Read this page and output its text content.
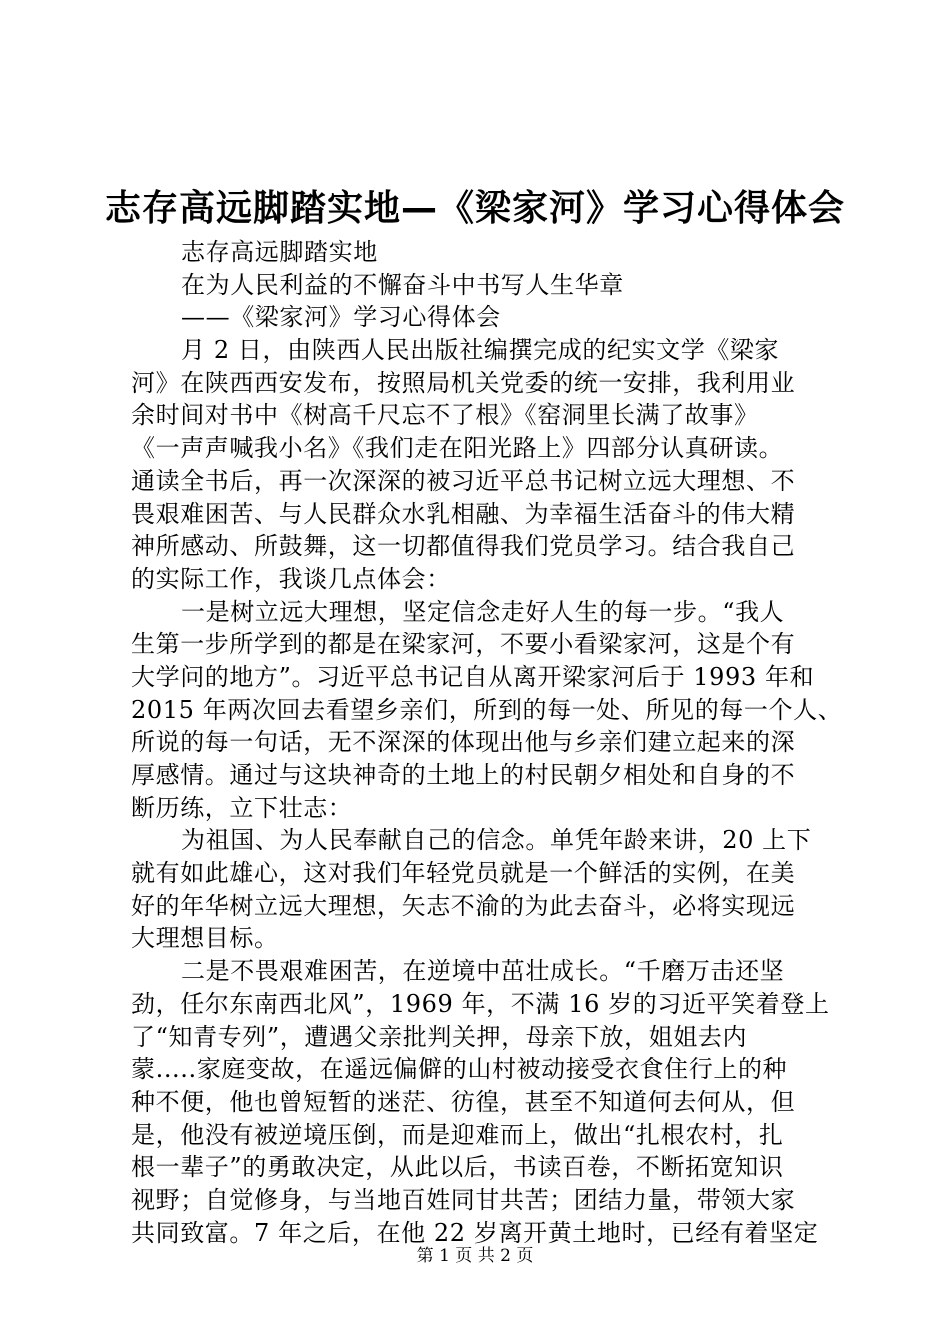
志存高远脚踏实地—《梁家河》学习心得体会
志存高远脚踏实地
在为人民利益的不懈奋斗中书写人生华章
——《梁家河》学习心得体会
月 2 日，由陕西人民出版社编撰完成的纪实文学《梁家
河》在陕西西安发布，按照局机关党委的统一安排，我利用业
余时间对书中《树高千尺忘不了根》《窑洞里长满了故事》
《一声声喊我小名》《我们走在阳光路上》四部分认真研读。
通读全书后，再一次深深的被习近平总书记树立远大理想、不
畏艰难困苦、与人民群众水乳相融、为幸福生活奋斗的伟大精
神所感动、所鼓舞，这一切都值得我们党员学习。结合我自己
的实际工作，我谈几点体会：
一是树立远大理想，坚定信念走好人生的每一步。“我人
生第一步所学到的都是在梁家河，不要小看梁家河，这是个有
大学问的地方”。习近平总书记自从离开梁家河后于 1993 年和
2015 年两次回去看望乡亲们，所到的每一处、所见的每一个人、
所说的每一句话，无不深深的体现出他与乡亲们建立起来的深
厚感情。通过与这块神奇的土地上的村民朝夕相处和自身的不
断历练，立下壮志：
为祖国、为人民奉献自己的信念。单凭年龄来讲，20 上下
就有如此雄心，这对我们年轻党员就是一个鲜活的实例，在美
好的年华树立远大理想，矢志不渝的为此去奋斗，必将实现远
大理想目标。
二是不畏艰难困苦，在逆境中茁壮成长。“千磨万击还坚
劲，任尔东南西北风”，1969 年，不满 16 岁的习近平笑着登上
了“知青专列”，遭遇父亲批判关押，母亲下放，姐姐去内
蒙.....家庭变故，在遥远偏僻的山村被动接受衣食住行上的种
种不便，他也曾短暂的迷茫、彷徨，甚至不知道何去何从，但
是，他没有被逆境压倒，而是迎难而上，做出“扎根农村，扎
根一辈子”的勇敢决定，从此以后，书读百卷，不断拓宽知识
视野；自觉修身，与当地百姓同甘共苦；团结力量，带领大家
共同致富。7 年之后，在他 22 岁离开黄土地时，已经有着坚定
第 1 页 共 2 页
